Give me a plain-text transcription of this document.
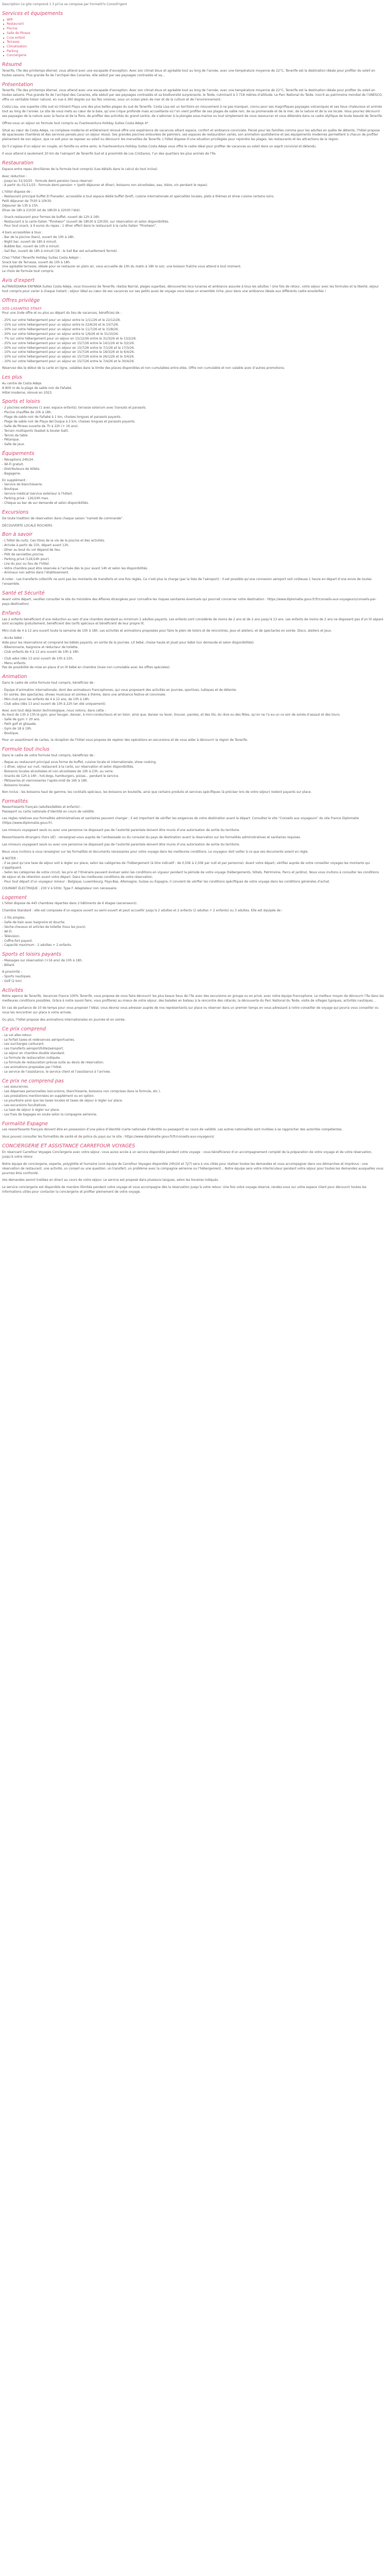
Description Ce gite comprend 1 3 pi?ce se compose par Formalit?s Consid?rgent

Services et équipements
Wifi
Restaurant
Piscine
Salle de fitness
Crue enfant
Terrasse
Climatisation
Parking
Conciergerie
Résumé

Tenerife, l’île des printemps éternel, vous attend avec une escapade d’exception. Avec son climat doux et agréable tout au long de l’année, avec une température moyenne de 22°C, Tenerife est la destination idéale pour profiter du soleil en toutes saisons. Plus grande île de l’archipel des Canaries, elle séduit par ses paysages contrastés et sa...

Présentation

Tenerife, l’île des printemps éternel, vous attend avec une escapade d’exception. Avec son climat doux et agréable tout au long de l’année, avec une température moyenne de 22°C, Tenerife est la destination idéale pour profiter du soleil en toutes saisons. Plus grande île de l’archipel des Canaries, elle séduit par ses paysages contrastés et sa biodiversité surprenante. le Teide, culminant à 3 718 mètres d’altitude. Le Parc National du Teide, inscrit au patrimoine mondial de l’UNESCO, offre un véritable trésor naturel, en vue à 360 degrés sur les îles voisines, sous un océan plein de mer et de la culture et de l’environnement.

Costa Lisa, une superbe côte sud où trônent Playa une des plus belles plages du sud de Tenerife. Costa Lisa est un territoire en mouvement à ne pas manquer, connu pour ses magnifiques paysages volcaniques et ses lieux chaleureux et animés tout au long de l’année. Le site de vous mets au cœur de la baie, qu’une crique profonde mais accueillante où l’on vient profiter de ses plages de sable noir, de sa promenade et de la mer, de la nature et de la vie locale. Vous pourrez découvrir ses paysages de la nature avec la faune et de la flore, de profiter des activités du grand centre, de s’adonner à la plongée sous-marine ou tout simplement de vous ressourcer et vous détendre dans ce cadre idyllique de toute beauté de Tenerife.

Offrez-vous un séjour en formule tout compris au Fuerteventura Holiday Suites Costa Adeje 4*

Situé au cœur de Costa Adeje, ce complexe moderne et entièrement rénové offre une expérience de vacances alliant espace, confort et ambiance conviviale. Pensé pour les familles comme pour les adultes en quête de détente, l’hôtel propose de spacieuses chambres et des services pensés pour un séjour réussi. Ses grandes piscines entourées de palmiers, ses espaces de restauration variés, son animation quotidienne et ses équipements modernes permettent à chacun de profiter pleinement de son séjour, que ce soit pour se reposer au soleil ou découvrir les merveilles de Tenerife. L’hôtel dispose d’une situation privilégiée pour rejoindre les plages, les restaurants et les attractions de la région.

Qu’il s’agisse d’un séjour en couple, en famille ou entre amis, le Fuerteventura Holiday Suites Costa Adeje vous offre le cadre idéal pour profiter de vacances au soleil dans un esprit convivial et détendu.

Il vous attend à seulement 20 km de l’aéroport de Tenerife Sud et à proximité de Los Cristianos, l’un des quartiers les plus animés de l’île.

Restauration

Espace entre repas (Ancillaires de la formule tout compris) (Les détails dans le calcul du tout inclus)

Avec réduction :
- Jusqu’au 31/10/25 : formule demi-pension (sous réserve)
- À partir du 01/11/25 : formule demi-pension + (petit déjeuner et dîner), boissons non alcoolisées, eau, bière, vin pendant le repas).

L’hôtel dispose de :
- Restaurant principal buffet El Pianador, accessible à tout espace dédié buffet (bref), cuisine internationale et spécialités locales, plats à thèmes et show cuisine certains soirs.
Petit déjeuner de 7h30 à 10h30.
Déjeuner de 13h à 15h.
Dîner de 18h à 21h30 (et de 18h30 à 22h30 l’été).

- Snack-restaurant pour formes de buffet, ouvert de 12h à 16h.
- Restaurant à la carte italien “Pinotwon” (ouvert de 18h30 à 22h30), sur réservation et selon disponibilités.
- Pour tout snack, à 9 euros du repas ; 1 dîner offert dans le restaurant à la carte italien “Pinotwon”.

4 bars accessibles à tous :
- Bar de la piscine (bars), ouvert de 10h à 18h.
- Night bar, ouvert de 18h à minuit.
- Bubble Bar, ouvert de 10h à minuit.
- Sail Bar, ouvert de 18h à minuit (18 : le Sail Bar est actuellement fermé).

Chez l’hôtel (Tenerife Holiday Suites Costa Adeje) :
Snack bar de Terrasse, ouvert de 10h à 18h.
Une agréable terrasse, idéale pour se restaurer en plein air, vous accueille de 10h du matin à 18h le soir, une boisson fraîche vous attend à tout moment.
Le choix de formule tout compris.

Avis d’expert

AuTRAVEDIARIA ENYNNIA Suites Costa Adeje, vous trouverez de Tenerife, réaliza Narrial, plages superbes, découvertes loca lunarias et ambiance assurée à tous les adultes ! Une fois de retour, votre séjour avec les formules et la liberté, séjour tout compris pour varier à chaque instant ; séjour idéal au cœur de ses vacances sur ses petits aussi de voyage vous laisse un ensemble riche, pour dans une ambiance idéale aux différents cadre ensoleillés !

Offres privilège
SOS LASANTAS STAAY

Pour une 2nde offre et ou plus au départ du lieu de vacances, bénéficiez de :

- 25% sur votre hébergement pour un séjour entre le 1/11/26 et le 22/12/26.
- 15% sur votre hébergement pour un séjour entre le 22/6/26 et le 10/7/26.
- 10% sur votre hébergement pour un séjour entre le 11/7/26 et le 31/8/26.
- 20% sur votre hébergement pour un séjour entre le 1/9/26 et le 31/10/26.
- 7% sur votre hébergement pour un séjour en 15/12/26 entre le 31/3/26 et le 13/2/26.
- 25% sur votre hébergement pour un séjour en 15/7/26 entre le 14/1/26 et le 3/2/26.
- 20% sur votre hébergement pour un séjour en 15/7/26 entre le 7/1/26 et le 17/3/26.
- 15% sur votre hébergement pour un séjour en 15/7/26 entre le 18/3/26 et le 6/4/26.
- 10% sur votre hébergement pour un séjour en 15/7/26 entre le 26/1/26 et le 3/4/26.
- 10% sur votre hébergement pour un séjour en 15/7/26 entre le 7/4/26 et le 30/4/26.

Réservez dès le début de la carte en ligne, valables dans la limite des places disponibles et non cumulables entre elles. Offre non cumulable et non valable avec d’autres promotions.

Les plus

Au centre de Costa Adeje.
À 800 m de la plage de sable noir de Fañabé.
Hôtel moderne, rénové en 2023.

Sports et loisirs

- 2 piscines extérieures (1 avec espace enfants), terrasse solarium avec transats et parasols.
- Piscine chauffée de 10h à 18h.
- Plage de sable noir de Fañabé à 1 km, chaises longues et parasols payants.
- Plage de sable noir de Playa del Duque à 2 km, chaises longues et parasols payants.
- Salle de fitness ouverte de 7h à 22h (+ 16 ans).
- Terrain multisports (basket & bouter ball).
- Tennis de table.
- Pétanque.
- Salle de jeux.

Équipements

- Réceptions 24h/24.
- Wi-Fi gratuit.
- Distributeurs de billets.
- Bagagerie.

En supplément :
- Service de blanchisserie.
- Boutique.
- Service médical (service extérieur à l’hôtel).
- Parking privé : 12€/24h max.
- Chèque au bar de sur demande et selon disponibilités.

Excursions

De toute tradition de réservation dans chaque saison “named de commande”.

DÉCOUVERTE LOCALE ROCHERS

Bon à savoir

- L’hôtel de nuits. Ces titres de la vie de la piscine et des activités.
- Arrivée à partir de 15h, départ avant 12h.
- Dîner au bout du vol dépend de lieu.
- Prêt de serviettes piscine.
- Parking privé (12€/24h pour).
- Lire du jour ou lieu de l’hôtel.
- Votre chambre peut être réservée à l’arrivée dès le jour avant 14h et selon les disponibilités.
- Animaux non admis dans l’établissement.

À noter : Les transferts collectifs ne sont pas les montants de transferts et une fois réglés. Ce n’est plus la charge (par la liste de l’aéroport) : Il est possible qu’une connexion aéroport soit coûteuse 1 heure en départ d’une envie de toutes l’ensemble.

Santé et Sécurité

Avant votre départ, veuillez consulter le site du ministère des Affaires étrangères pour connaître les risques sanitaires éventuels qui pourrait concerner votre destination : https://www.diplomatie.gouv.fr/fr/conseils-aux-voyageurs/conseils-par-pays-destination/

Enfants

Les 2 enfants bénéficient d’une réduction au sein d’une chambre standard au minimum 2 adultes payants. Les enfants sont considérés de moins de 2 ans et de 2 ans jusqu’à 13 ans. Les enfants de moins de 2 ans ne disposent pas d’un lit séparé sont acceptés gratuitement, bénéficient des tarifs spéciaux et bénéficient de leur propre lit.

Mini-club de 4 à 12 ans ouvert toute la semaine de 10h à 18h. Les activités et animations proposées pour faire le plein de loisirs et de rencontres, jeux et ateliers, et de spectacles en soirée. Disco, ateliers et jeux.

- Accès bébé :
Aide pour les réservations et comprend les bébés payants, en sortie de la journée. Lit bébé, chaise haute et jouet pour bébé (sur demande et selon disponibilités).
- Biberonnerie, baignoire et réducteur de toilette.
- Club enfants de 4 à 12 ans ouvert de 10h à 18h.

- Club ados (dès 13 ans) ouvert de 10h à 22h.
- Menu enfants.
Pas de possibilité de mise en place d’un lit bébé en chambre (mais non cumulable avec les offres spéciales).

Animation

Dans le cadre de votre formule tout compris, bénéficiez de :

- Équipe d’animation internationale, dont des animateurs francophones, qui vous proposent des activités en journée, sportives, ludiques et de détente.
- En soirée, des spectacles, shows musicaux et soirées à thème, dans une ambiance festive et conviviale.
- Mini-club pour les enfants de 4 à 12 ans, de 10h à 18h.
- Club ados (dès 13 ans) ouvert de 10h à 22h (en été uniquement).

Avec avis tout déjà lésion technologique, nous notons, dans cette :
Au bout de 13h à 13h le gym, pour bouger, danser, à mini-conducteurs et en loisir, ainsi que, danser ou lever, trouver, paroles, et des lits, du rêve ou des fêtes, qu’on ne l’a eu un ce soir de soirée d’assaut et des tours.
- Salle de gym + 20 ans.
- Petit golf et glissade.
- Gym de 18 à 19h.
- Boutique.

Pour un assortiment de cartes, la réception de l’hôtel vous propose de repérer des opérations en excursions et de vous aider à découvrir la région de Tenerife.

Formule tout inclus

Dans le cadre de votre formule tout compris, bénéficiez de :

- Repas au restaurant principal sous forme de buffet, cuisine locale et internationale, show cooking.
- 1 dîner, séjour sur nuit, restaurant à la carte, sur réservation et selon disponibilités.
- Boissons locales alcoolisées et non alcoolisées de 10h à 23h, au verre.
- Snacks de 12h à 16h ; hot-dogs, hamburgers, pizzas... pendant le service.
- Pâtisseries et viennoiseries l’après-midi de 16h à 18h.
- Boissons locales.

Non inclus : les boissons haut de gamme, les cocktails spéciaux, les boissons en bouteille, ainsi que certains produits et services spécifiques (à préciser lors de votre séjour) restent payants sur place.

Formalités

Ressortissants français (adultes/bébés et enfants) :
Passeport ou carte nationale d’identité en cours de validité.

Les règles relatives aux formalités administratives et sanitaires peuvent changer ; il est important de vérifier les exigences de votre destination avant le départ. Consultez le site “Conseils aux voyageurs” du site France Diplomatie (https://www.diplomatie.gouv.fr).

Les mineurs voyageant seuls ou avec une personne ne disposant pas de l’autorité parentale doivent être munis d’une autorisation de sortie du territoire.

Ressortissants étrangers (hors UE) : renseignez-vous auprès de l’ambassade ou du consulat du pays de destination avant la réservation sur les formalités administratives et sanitaires requises.

Les mineurs voyageant seuls ou avec une personne ne disposant pas de l’autorité parentale doivent être munis d’une autorisation de sortie du territoire.

Nous vous invitons à vous renseigner sur les formalités et documents nécessaires pour votre voyage dans les meilleures conditions. Le voyageur doit veiller à ce que ses documents soient en règle.

À NOTER :
- Il se peut qu’une taxe de séjour soit à régler sur place, selon les catégories de l’hébergement (à titre indicatif : de 0,50€ à 2,50€ par nuit et par personne). Avant votre départ, vérifiez auprès de votre conseiller voyages les montants qui s’appliquent.
- Selon les catégories de votre circuit, les prix et l’itinéraire peuvent évoluer selon les conditions en vigueur pendant la période de votre voyage (hébergements, hôtels, Patrimoine, Parcs et jardins). Nous vous invitons à consulter les conditions de séjour et de rétention avant votre départ. Dans les meilleures conditions de votre réservation.
- Pour tout départ d’un voyageur mineur : Belgique, Luxembourg, Pays-Bas, Allemagne, Suisse ou Espagne, il convient de vérifier les conditions spécifiques de votre voyage dans les conditions générales d’achat.

COURANT ÉLECTRIQUE : 230 V à 50Hz. Type F. Adaptateur non nécessaire.

Logement

L’hôtel dispose de 445 chambres réparties dans 2 bâtiments de 6 étages (ascenseurs).

Chambre Standard : elle est composée d’un espace ouvert ou semi-ouvert et peut accueillir jusqu’à 2 adultes et 2 enfants (2 adultes + 2 enfants) ou 3 adultes. Elle est équipée de :

- 2 lits simples.
- Salle de bain avec baignoire et douche.
- Sèche-cheveux et articles de toilette (tous les jours).
- Wi-Fi.
- Télévision.
- Coffre-fort payant.
- Capacité maximum : 2 adultes + 2 enfants.

Sports et loisirs payants

- Massages sur réservation (+16 ans) de 10h à 18h.
- Billard.

À proximité :
- Sports nautiques.
- Golf (2 km).

Activités

Notre agence de Tenerife, Vacances France 100% Tenerife, vous propose de vous faire découvrir les plus beaux lieux de l’île avec des excursions en groupe ou en privé, avec notre équipe francophone. Le meilleur moyen de découvrir l’île dans les meilleures conditions possibles. Grâce à notre savoir-faire, vous profiterez au mieux de votre séjour, des balades en bateau à la rencontre des cétacés, la découverte du Parc National du Teide, visite de villages typiques, activités nautiques...

En cas de partance de 10 de temps pour vous proposer l’idéal, vous devrez vous adresser auprès de nos représentants sur place ou réserver dans un premier temps en vous adressant à notre conseiller de voyage qui pourra vous conseiller ou vous les rencontrer sur place à votre arrivée.

Ou plus, l’hôtel propose des animations internationales en journée et en soirée.

Ce prix comprend

- Le vol aller-retour.
- Le forfait taxes et redevances aéroportuaires.
- Les surcharges carburant.
- Les transferts aéroport/hôtel/aéroport.
- Le séjour en chambre double standard.
- La formule de restauration indiquée.
- La formule de restauration prévue suite au devis de réservation.
- Les animations proposées par l’hôtel.
- Le service de l’assistance, le service client et l’assistance à l’arrivée.

Ce prix ne comprend pas

- Les assurances.
- Les dépenses personnelles (excursions, blanchisserie, boissons non comprises dans la formule, etc.).
- Les prestations mentionnées en supplément ou en option.
- Le pourboire ainsi que les taxes locales et taxes de séjour à régler sur place.
- Les excursions facultatives.
- La taxe de séjour à régler sur place.
- Les frais de bagages en soute selon la compagnie aérienne.

Formalité Espagne

Les ressortissants français doivent être en possession d’une pièce d’identité (carte nationale d’identité ou passeport) en cours de validité. Les autres nationalités sont invitées à se rapprocher des autorités compétentes.

Vous pouvez consulter les formalités de santé et de police du pays sur le site : https://www.diplomatie.gouv.fr/fr/conseils-aux-voyageurs/

CONCIERGERIE ET ASSISTANCE CARREFOUR VOYAGES

En réservant Carrefour Voyages Conciergerie avec votre séjour, vous aurez accès à un service disponible pendant votre voyage : vous bénéficierez d’un accompagnement complet de la préparation de votre voyage et de votre réservation, jusqu’à votre retour.

Notre équipe de conciergerie, experte, polyglotte et humaine (une équipe de Carrefour Voyages disponible 24h/24 et 7j/7) sera à vos côtés pour réaliser toutes les demandes et vous accompagner dans vos démarches et imprévus : une réservation de restaurant, une activité, un conseil ou une question, un transfert, un problème avec la compagnie aérienne ou l’hébergement... Notre équipe sera votre interlocuteur pendant votre séjour pour toutes les demandes auxquelles vous pourriez être confronté.

Vos demandes seront traitées en direct au cours de votre séjour. Le service est proposé dans plusieurs langues, selon les horaires indiqués.

Le service conciergerie est disponible de manière illimitée pendant votre voyage et vous accompagne dès la réservation jusqu’à votre retour. Une fois votre voyage réservé, rendez-vous sur votre espace client pour découvrir toutes les informations utiles pour contacter la conciergerie et profiter pleinement de votre voyage.
